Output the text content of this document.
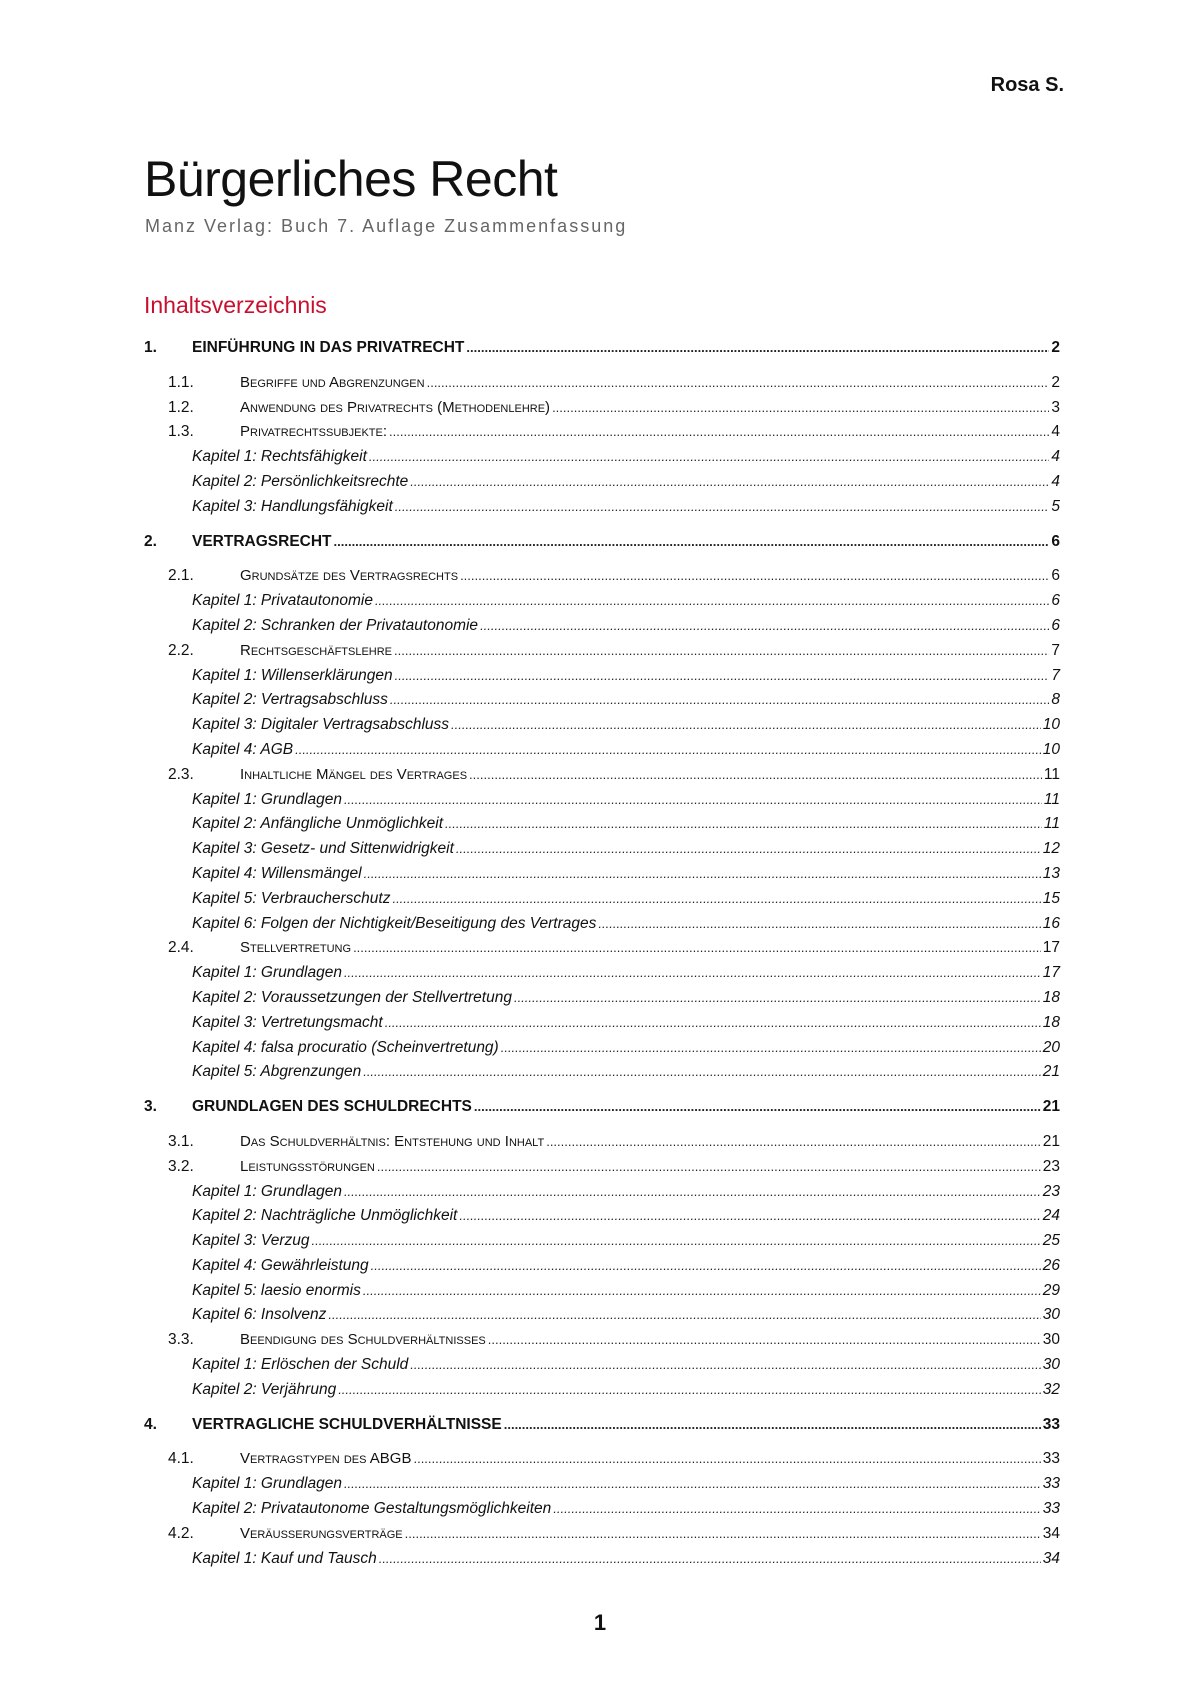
Rosa S.
Bürgerliches Recht
Manz Verlag: Buch 7. Auflage Zusammenfassung
Inhaltsverzeichnis
1.	EINFÜHRUNG IN DAS PRIVATRECHT .....	2
1.1.	Begriffe und Abgrenzungen .....	2
1.2.	Anwendung des Privatrechts (Methodenlehre) .....	3
1.3.	Privatrechtssubjekte: .....	4
Kapitel 1: Rechtsfähigkeit .....	4
Kapitel 2: Persönlichkeitsrechte .....	4
Kapitel 3: Handlungsfähigkeit .....	5
2.	VERTRAGSRECHT .....	6
2.1.	Grundsätze des Vertragsrechts .....	6
Kapitel 1: Privatautonomie .....	6
Kapitel 2: Schranken der Privatautonomie .....	6
2.2.	Rechtsgeschäftslehre .....	7
Kapitel 1: Willenserklärungen .....	7
Kapitel 2: Vertragsabschluss .....	8
Kapitel 3: Digitaler Vertragsabschluss .....	10
Kapitel 4: AGB .....	10
2.3.	Inhaltliche Mängel des Vertrages .....	11
Kapitel 1: Grundlagen .....	11
Kapitel 2: Anfängliche Unmöglichkeit .....	11
Kapitel 3: Gesetz- und Sittenwidrigkeit .....	12
Kapitel 4: Willensmängel .....	13
Kapitel 5: Verbraucherschutz .....	15
Kapitel 6: Folgen der Nichtigkeit/Beseitigung des Vertrages .....	16
2.4.	Stellvertretung .....	17
Kapitel 1: Grundlagen .....	17
Kapitel 2: Voraussetzungen der Stellvertretung .....	18
Kapitel 3: Vertretungsmacht .....	18
Kapitel 4: falsa procuratio (Scheinvertretung) .....	20
Kapitel 5: Abgrenzungen .....	21
3.	GRUNDLAGEN DES SCHULDRECHTS .....	21
3.1.	Das Schuldverhältnis: Entstehung und Inhalt .....	21
3.2.	Leistungsstörungen .....	23
Kapitel 1: Grundlagen .....	23
Kapitel 2: Nachträgliche Unmöglichkeit .....	24
Kapitel 3: Verzug .....	25
Kapitel 4: Gewährleistung .....	26
Kapitel 5: laesio enormis .....	29
Kapitel 6: Insolvenz .....	30
3.3.	Beendigung des Schuldverhältnisses .....	30
Kapitel 1: Erlöschen der Schuld .....	30
Kapitel 2: Verjährung .....	32
4.	VERTRAGLICHE SCHULDVERHÄLTNISSE .....	33
4.1.	Vertragstypen des ABGB .....	33
Kapitel 1: Grundlagen .....	33
Kapitel 2: Privatautonome Gestaltungsmöglichkeiten .....	33
4.2.	Veräußerungsverträge .....	34
Kapitel 1: Kauf und Tausch .....	34
1
